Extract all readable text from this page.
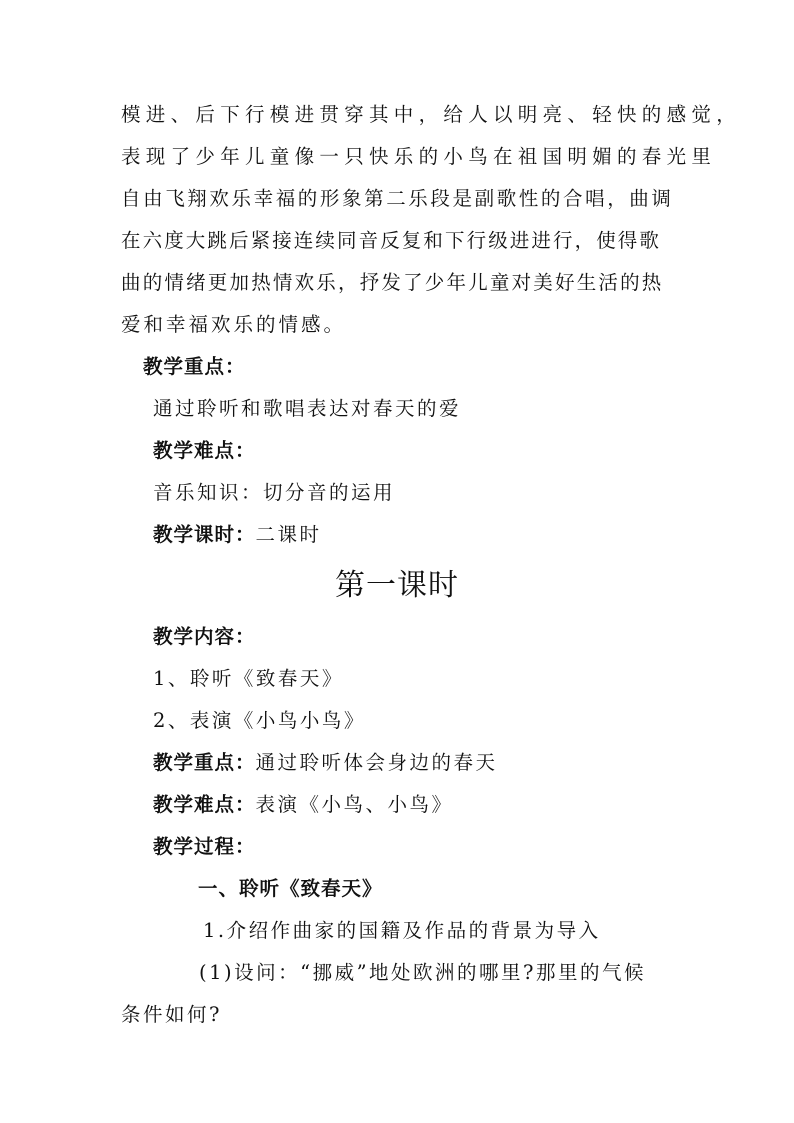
模进、后下行模进贯穿其中，给人以明亮、轻快的感觉，
表现了少年儿童像一只快乐的小鸟在祖国明媚的春光里
自由飞翔欢乐幸福的形象第二乐段是副歌性的合唱，曲调
在六度大跳后紧接连续同音反复和下行级进进行，使得歌
曲的情绪更加热情欢乐，抒发了少年儿童对美好生活的热
爱和幸福欢乐的情感。
教学重点：
通过聆听和歌唱表达对春天的爱
教学难点：
音乐知识：切分音的运用
教学课时：二课时
第一课时
教学内容：
1、聆听《致春天》
2、表演《小鸟小鸟》
教学重点：通过聆听体会身边的春天
教学难点：表演《小鸟、小鸟》
教学过程：
一、聆听《致春天》
1.介绍作曲家的国籍及作品的背景为导入
(1)设问：“挪威”地处欧洲的哪里?那里的气候
条件如何?
